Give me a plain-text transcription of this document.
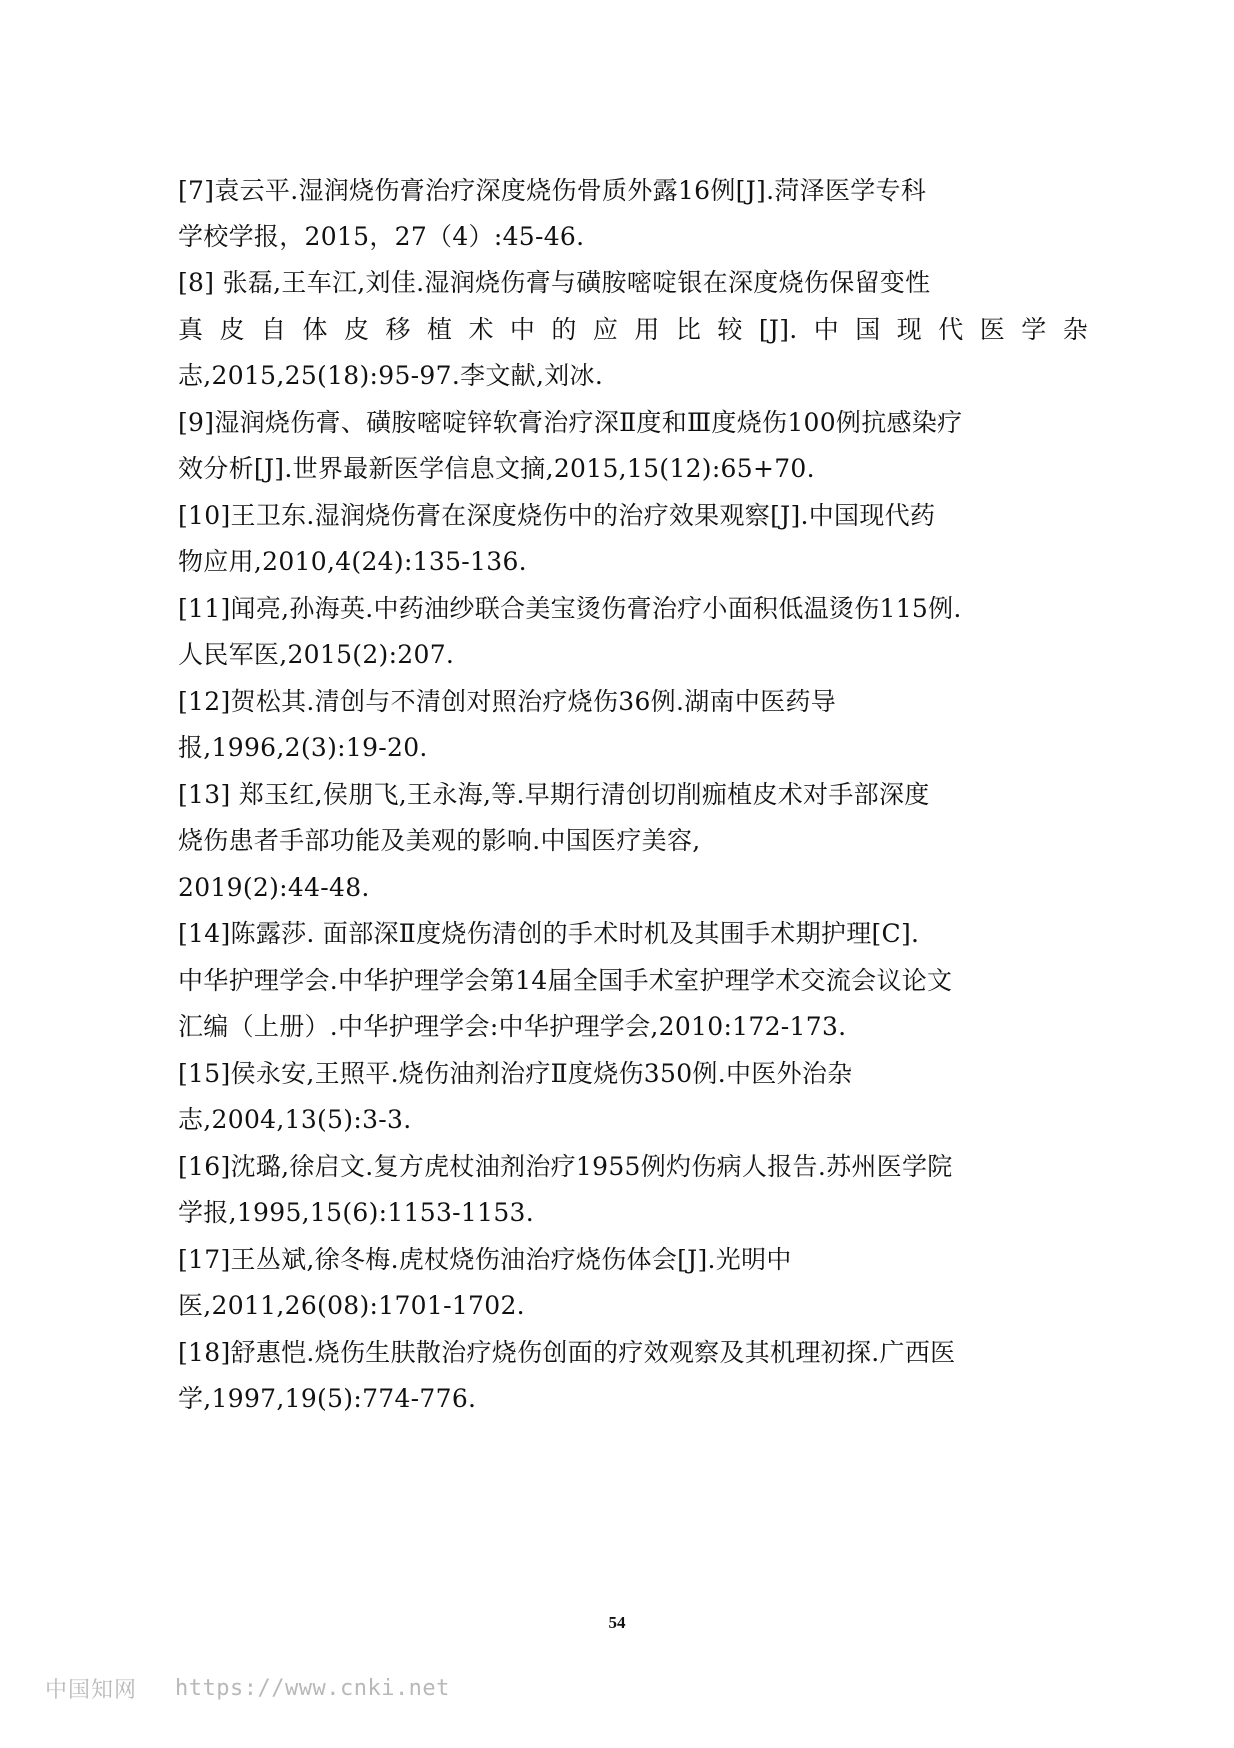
[7]袁云平.湿润烧伤膏治疗深度烧伤骨质外露16例[J].菏泽医学专科
学校学报，2015，27（4）:45-46.
[8] 张磊,王车江,刘佳.湿润烧伤膏与磺胺嘧啶银在深度烧伤保留变性
真皮自体皮移植术中的应用比较[J].中国现代医学杂
志,2015,25(18):95-97.李文献,刘冰.
[9]湿润烧伤膏、磺胺嘧啶锌软膏治疗深Ⅱ度和Ⅲ度烧伤100例抗感染疗
效分析[J].世界最新医学信息文摘,2015,15(12):65+70.
[10]王卫东.湿润烧伤膏在深度烧伤中的治疗效果观察[J].中国现代药
物应用,2010,4(24):135-136.
[11]闻亮,孙海英.中药油纱联合美宝烫伤膏治疗小面积低温烫伤115例.
人民军医,2015(2):207.
[12]贺松其.清创与不清创对照治疗烧伤36例.湖南中医药导
报,1996,2(3):19-20.
[13] 郑玉红,侯朋飞,王永海,等.早期行清创切削痂植皮术对手部深度
烧伤患者手部功能及美观的影响.中国医疗美容,
2019(2):44-48.
[14]陈露莎. 面部深Ⅱ度烧伤清创的手术时机及其围手术期护理[C].
中华护理学会.中华护理学会第14届全国手术室护理学术交流会议论文
汇编（上册）.中华护理学会:中华护理学会,2010:172-173.
[15]侯永安,王照平.烧伤油剂治疗Ⅱ度烧伤350例.中医外治杂
志,2004,13(5):3-3.
[16]沈璐,徐启文.复方虎杖油剂治疗1955例灼伤病人报告.苏州医学院
学报,1995,15(6):1153-1153.
[17]王丛斌,徐冬梅.虎杖烧伤油治疗烧伤体会[J].光明中
医,2011,26(08):1701-1702.
[18]舒惠恺.烧伤生肤散治疗烧伤创面的疗效观察及其机理初探.广西医
学,1997,19(5):774-776.
54
中国知网 https://www.cnki.net
